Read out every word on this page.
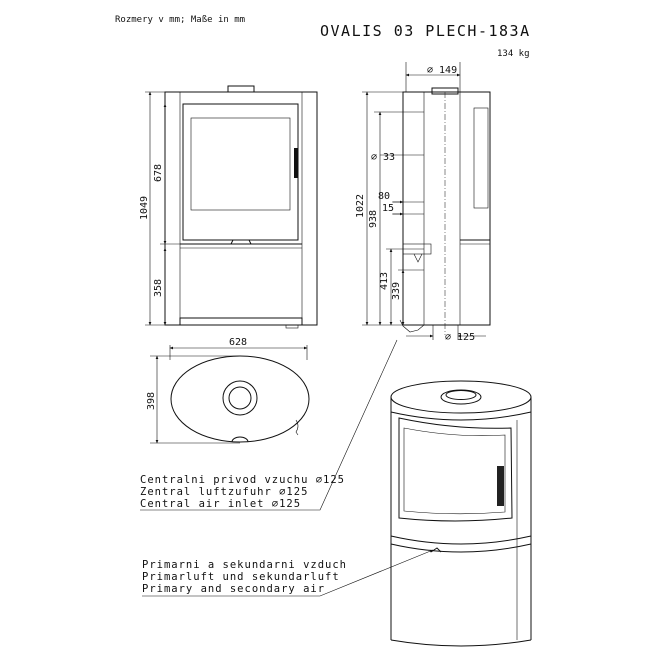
Rozmery v mm; Maße in mm
OVALIS 03 PLECH-183A
134 kg
1049
678
358
⌀ 149
⌀ 33
1022
938
80
15
413
339
⌀ 125
628
398
Centralni privod vzuchu ⌀125
Zentral luftzufuhr ⌀125
Central air inlet ⌀125
Primarni a sekundarni vzduch
Primarluft und sekundarluft
Primary and secondary air
